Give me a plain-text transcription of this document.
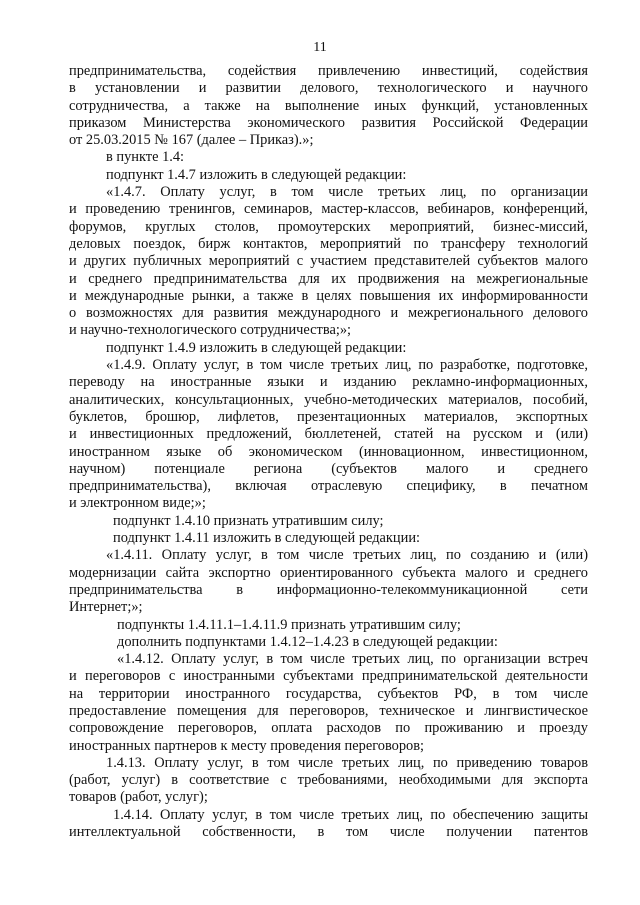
11
предпринимательства, содействия привлечению инвестиций, содействия
в установлении и развитии делового, технологического и научного
сотрудничества, а также на выполнение иных функций, установленных
приказом Министерства экономического развития Российской Федерации
от 25.03.2015 № 167 (далее – Приказ).»;
в пункте 1.4:
подпункт 1.4.7 изложить в следующей редакции:
«1.4.7. Оплату услуг, в том числе третьих лиц, по организации
и проведению тренингов, семинаров, мастер-классов, вебинаров, конференций,
форумов, круглых столов, промоутерских мероприятий, бизнес-миссий,
деловых поездок, бирж контактов, мероприятий по трансферу технологий
и других публичных мероприятий с участием представителей субъектов малого
и среднего предпринимательства для их продвижения на межрегиональные
и международные рынки, а также в целях повышения их информированности
о возможностях для развития международного и межрегионального делового
и научно-технологического сотрудничества;»;
подпункт 1.4.9 изложить в следующей редакции:
«1.4.9. Оплату услуг, в том числе третьих лиц, по разработке, подготовке,
переводу на иностранные языки и изданию рекламно-информационных,
аналитических, консультационных, учебно-методических материалов, пособий,
буклетов, брошюр, лифлетов, презентационных материалов, экспортных
и инвестиционных предложений, бюллетеней, статей на русском и (или)
иностранном языке об экономическом (инновационном, инвестиционном,
научном) потенциале региона (субъектов малого и среднего
предпринимательства), включая отраслевую специфику, в печатном
и электронном виде;»;
подпункт 1.4.10 признать утратившим силу;
подпункт 1.4.11 изложить в следующей редакции:
«1.4.11. Оплату услуг, в том числе третьих лиц, по созданию и (или)
модернизации сайта экспортно ориентированного субъекта малого и среднего
предпринимательства в информационно-телекоммуникационной сети
Интернет;»;
подпункты 1.4.11.1–1.4.11.9 признать утратившим силу;
дополнить подпунктами 1.4.12–1.4.23 в следующей редакции:
«1.4.12. Оплату услуг, в том числе третьих лиц, по организации встреч
и переговоров с иностранными субъектами предпринимательской деятельности
на территории иностранного государства, субъектов РФ, в том числе
предоставление помещения для переговоров, техническое и лингвистическое
сопровождение переговоров, оплата расходов по проживанию и проезду
иностранных партнеров к месту проведения переговоров;
1.4.13. Оплату услуг, в том числе третьих лиц, по приведению товаров
(работ, услуг) в соответствие с требованиями, необходимыми для экспорта
товаров (работ, услуг);
1.4.14. Оплату услуг, в том числе третьих лиц, по обеспечению защиты
интеллектуальной собственности, в том числе получении патентов
